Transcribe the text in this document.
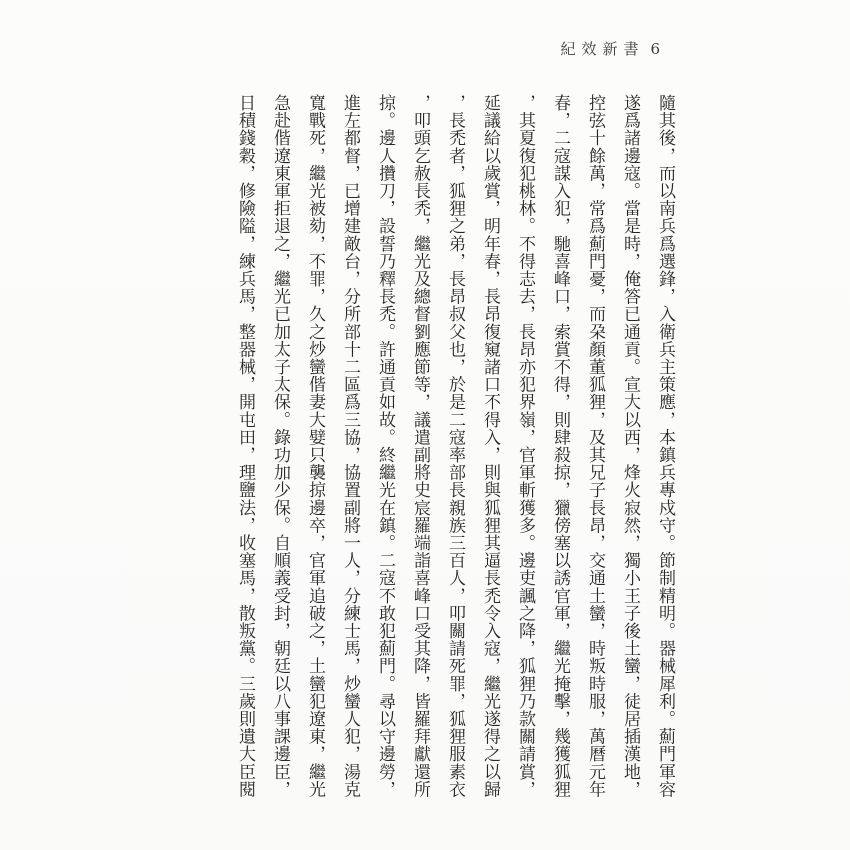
紀效新書 6
隨其後，而以南兵爲選鋒，入衛兵主策應，本鎮兵專戍守。節制精明。器械犀利。薊門軍容
遂爲諸邊寇。當是時，俺答已通貢。宣大以西，烽火寂然，獨小王子後土蠻，徒居插漢地，
控弦十餘萬，常爲薊門憂，而朶顏董狐狸，及其兄子長昂，交通土蠻，時叛時服，萬曆元年
春，二寇謀入犯，馳喜峰口，索賞不得，則肆殺掠，獵傍塞以誘官軍，繼光掩擊，幾獲狐狸
，其夏復犯桃林。不得志去，長昂亦犯界嶺，官軍斬獲多。邊吏諷之降，狐狸乃款關請賞，
延議給以歲賞，明年春，長昂復窺諸口不得入，則與狐狸其逼長禿令入寇，繼光遂得之以歸
，長禿者，狐狸之弟，長昂叔父也，於是二寇率部長親族三百人，叩關請死罪，狐狸服素衣
，叩頭乞赦長禿，繼光及總督劉應節等，議遣副將史宸羅端詣喜峰口受其降，皆羅拜獻還所
掠。邊人攢刀，設誓乃釋長禿。許通貢如故。終繼光在鎮。二寇不敢犯薊門。尋以守邊勞，
進左都督，已增建敵台，分所部十二區爲三協，協置副將一人，分練士馬，炒蠻人犯，湯克
寬戰死，繼光被劾，不罪，久之炒蠻偕妻大嬖只襲掠邊卒，官軍追破之，土蠻犯遼東，繼光
急赴偕遼東軍拒退之，繼光已加太子太保。錄功加少保。自順義受封，朝廷以八事課邊臣，
日積錢穀，修險隘，練兵馬，整器械，開屯田，理鹽法，收塞馬，散叛黨。三歲則遺大臣閱
